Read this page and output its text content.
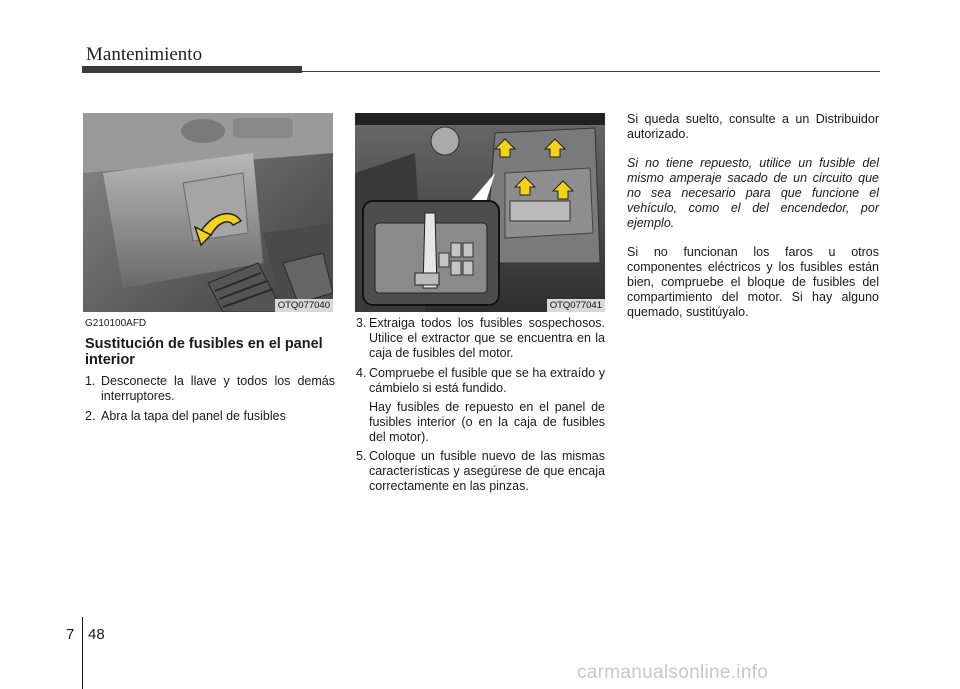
Mantenimiento
OTQ077040	OTQ077041
G210100AFD
Sustitución de fusibles en el panel interior
1. Desconecte la llave y todos los demás interruptores.
2. Abra la tapa del panel de fusibles
3. Extraiga todos los fusibles sospechosos. Utilice el extractor que se encuentra en la caja de fusibles del motor.
4. Compruebe el fusible que se ha extraído y cámbielo si está fundido.
Hay fusibles de repuesto en el panel de fusibles interior (o en la caja de fusibles del motor).
5. Coloque un fusible nuevo de las mismas características y asegúrese de que encaja correctamente en las pinzas.
Si queda suelto, consulte a un Distribuidor autorizado.
Si no tiene repuesto, utilice un fusible del mismo amperaje sacado de un circuito que no sea necesario para que funcione el vehículo, como el del encendedor, por ejemplo.
Si no funcionan los faros u otros componentes eléctricos y los fusibles están bien, compruebe el bloque de fusibles del compartimiento del motor. Si hay alguno quemado, sustitúyalo.
7 48
carmanualsonline.info
